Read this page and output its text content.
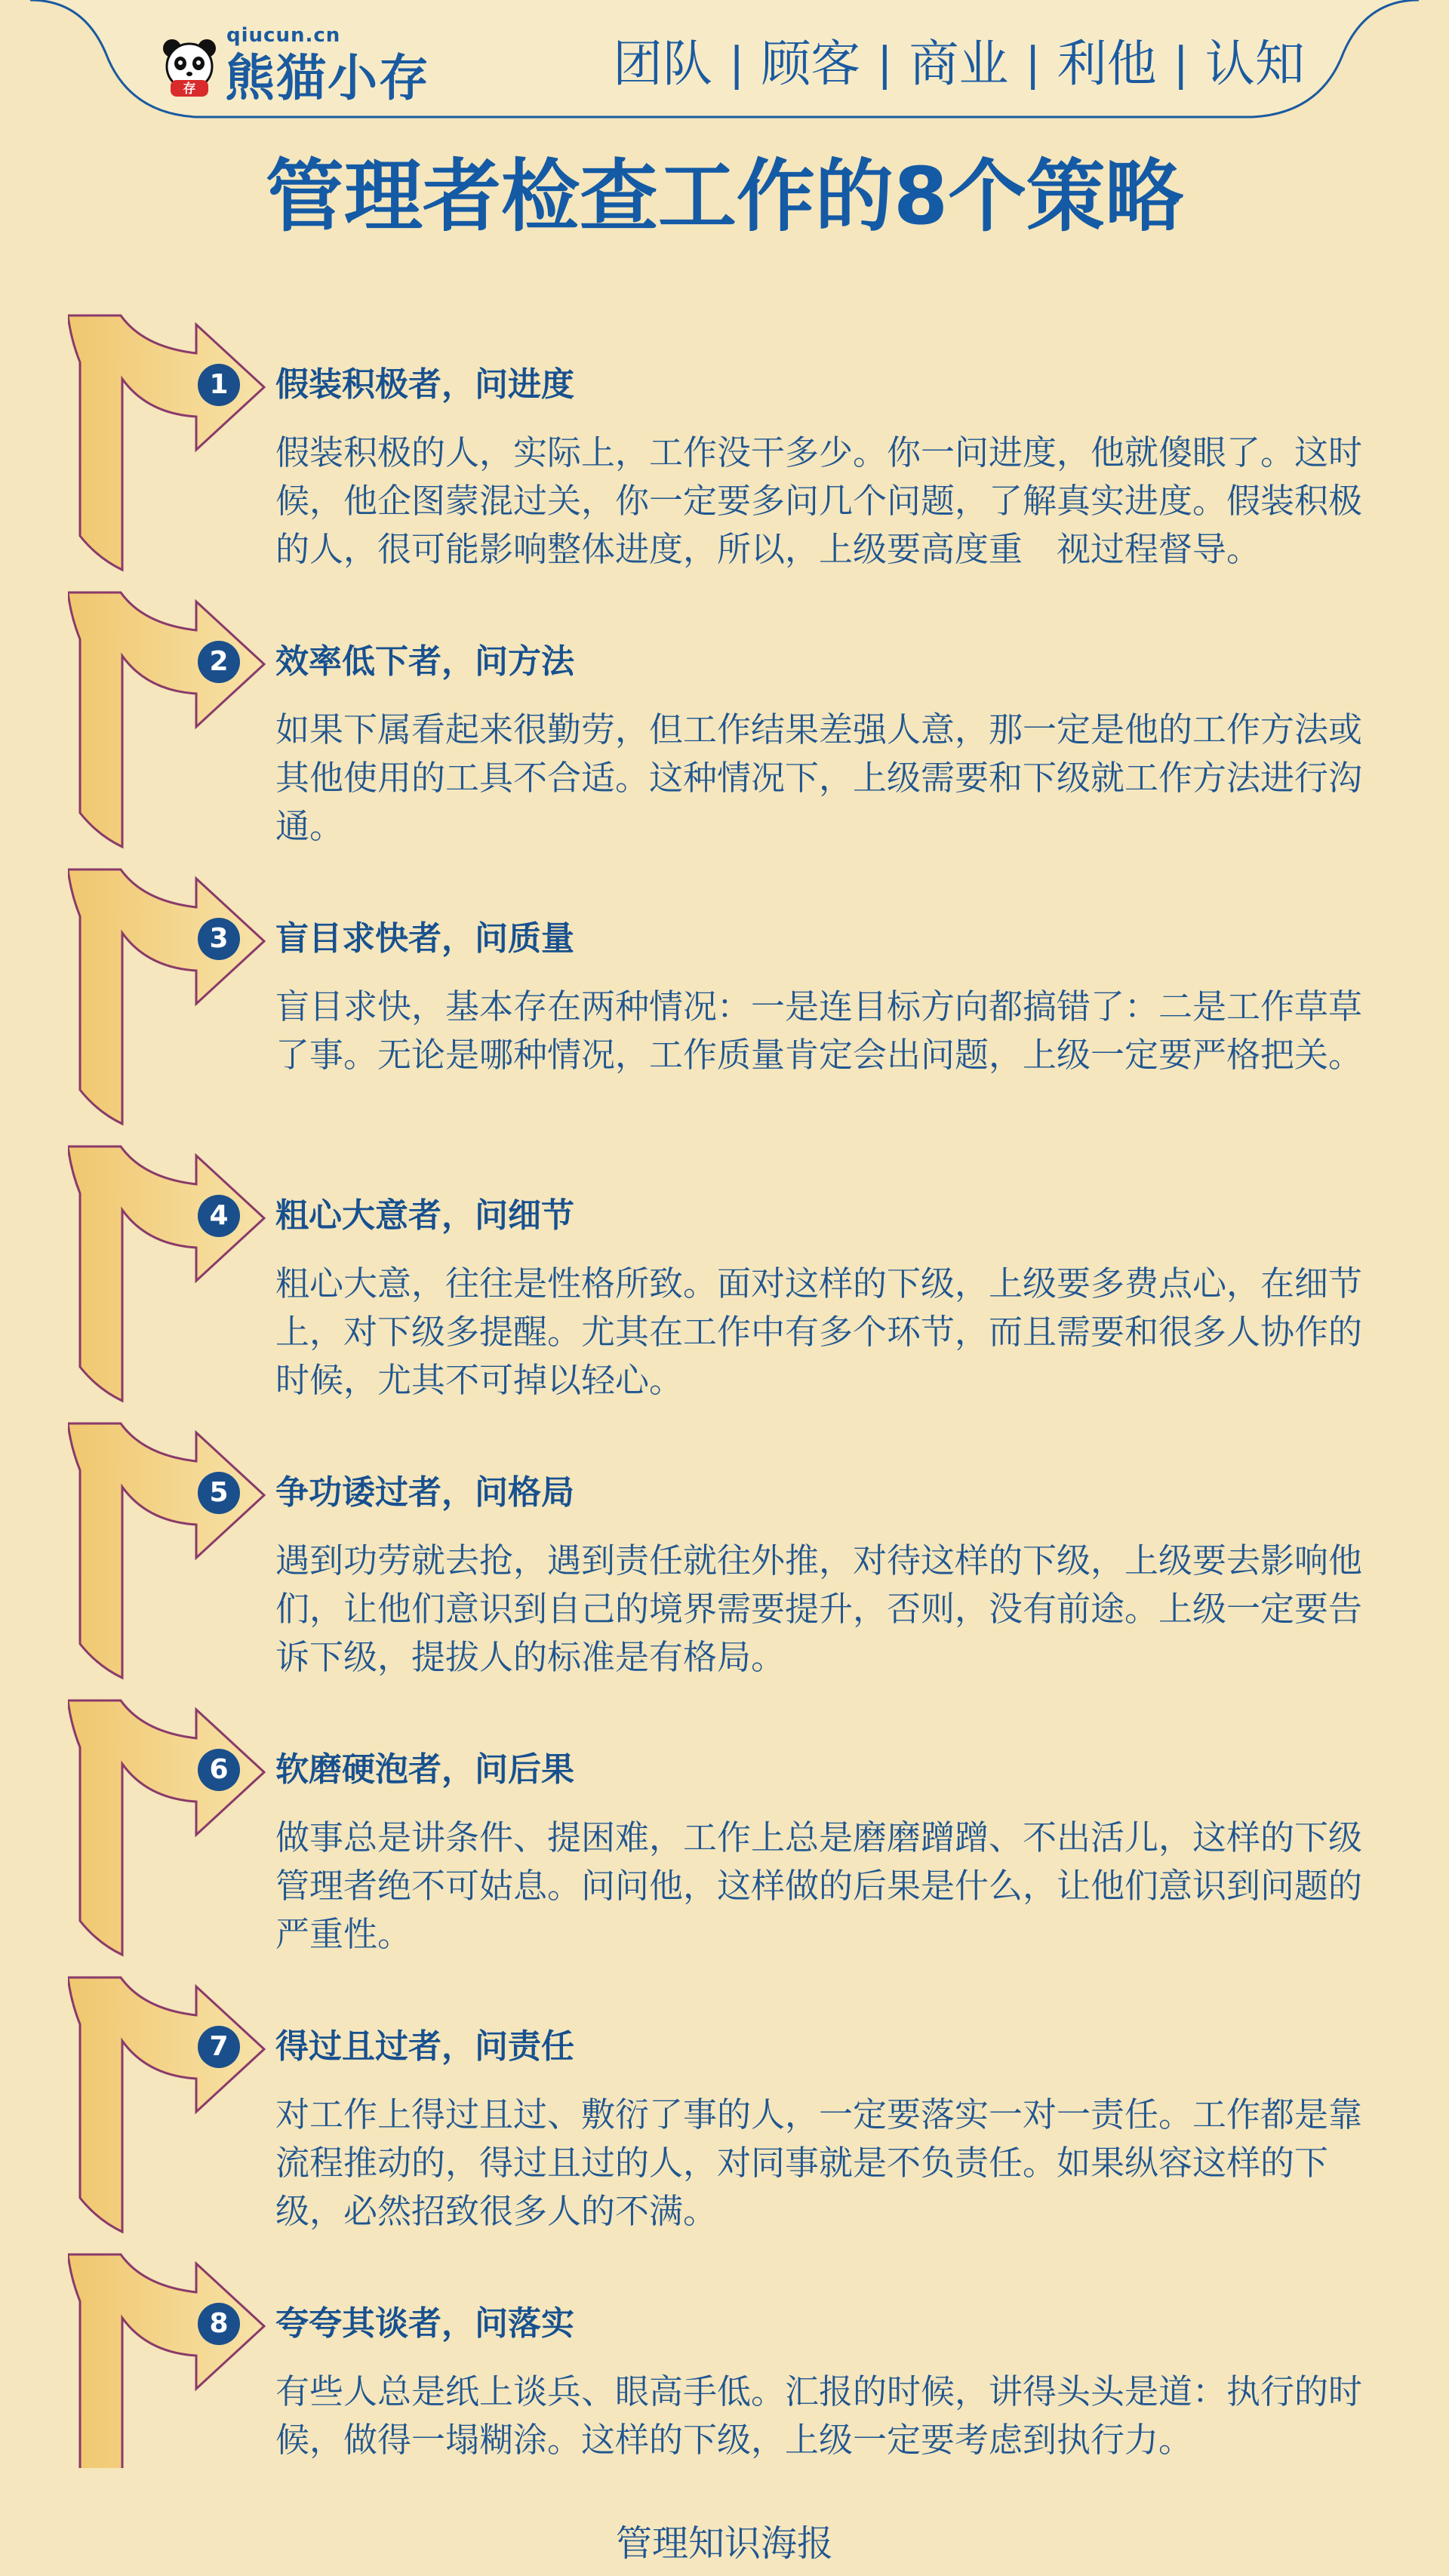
存
qiucun.cn
熊猫小存	团队 | 顾客 | 商业 | 利他 | 认知
管理者检查工作的8个策略
1	假装积极者，问进度
假装积极的人，实际上，工作没干多少。你一问进度，他就傻眼了。这时候，他企图蒙混过关，你一定要多问几个问题，了解真实进度。假装积极的人，很可能影响整体进度，所以，上级要高度重　视过程督导。
2	效率低下者，问方法
如果下属看起来很勤劳，但工作结果差强人意，那一定是他的工作方法或其他使用的工具不合适。这种情况下，上级需要和下级就工作方法进行沟通。
3	盲目求快者，问质量
盲目求快，基本存在两种情况：一是连目标方向都搞错了：二是工作草草了事。无论是哪种情况，工作质量肯定会出问题，上级一定要严格把关。
4	粗心大意者，问细节
粗心大意，往往是性格所致。面对这样的下级，上级要多费点心，在细节上，对下级多提醒。尤其在工作中有多个环节，而且需要和很多人协作的时候，尤其不可掉以轻心。
5	争功诿过者，问格局
遇到功劳就去抢，遇到责任就往外推，对待这样的下级，上级要去影响他们，让他们意识到自己的境界需要提升，否则，没有前途。上级一定要告诉下级，提拔人的标准是有格局。
6	软磨硬泡者，问后果
做事总是讲条件、提困难，工作上总是磨磨蹭蹭、不出活儿，这样的下级管理者绝不可姑息。问问他，这样做的后果是什么，让他们意识到问题的严重性。
7	得过且过者，问责任
对工作上得过且过、敷衍了事的人，一定要落实一对一责任。工作都是靠流程推动的，得过且过的人，对同事就是不负责任。如果纵容这样的下级，必然招致很多人的不满。
8	夸夸其谈者，问落实
有些人总是纸上谈兵、眼高手低。汇报的时候，讲得头头是道：执行的时候，做得一塌糊涂。这样的下级，上级一定要考虑到执行力。
管理知识海报
